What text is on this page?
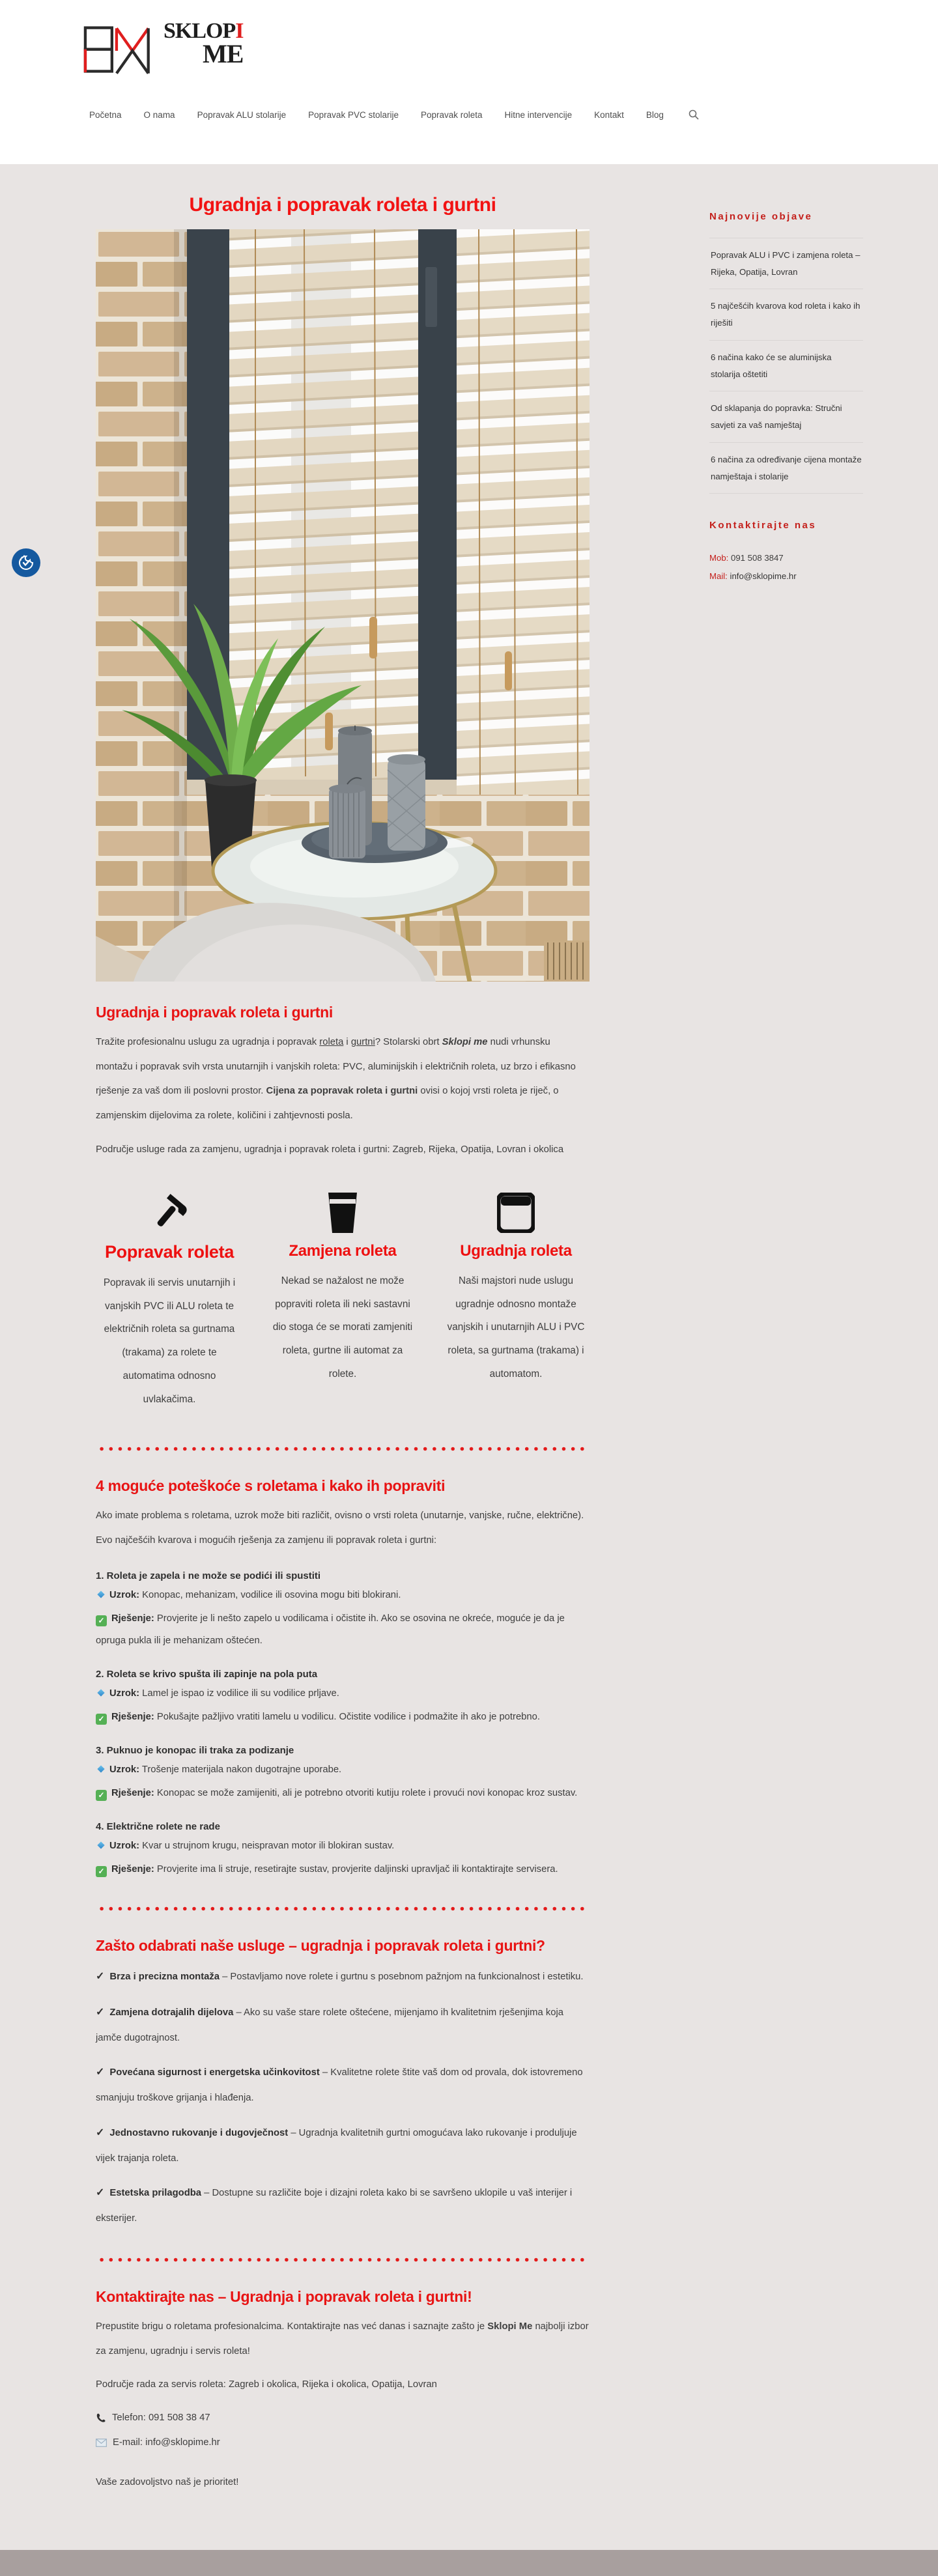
SKLOPI
ME
Početna	O nama	Popravak ALU stolarije	Popravak PVC stolarije	Popravak roleta	Hitne intervencije	Kontakt	Blog
Ugradnja i popravak roleta i gurtni
Ugradnja i popravak roleta i gurtni

Tražite profesionalnu uslugu za ugradnja i popravak roleta i gurtni? Stolarski obrt Sklopi me nudi vrhunsku montažu i popravak svih vrsta unutarnjih i vanjskih roleta: PVC, aluminijskih i električnih roleta, uz brzo i efikasno rješenje za vaš dom ili poslovni prostor. Cijena za popravak roleta i gurtni ovisi o kojoj vrsti roleta je riječ, o zamjenskim dijelovima za rolete, količini i zahtjevnosti posla.

Područje usluge rada za zamjenu, ugradnja i popravak roleta i gurtni: Zagreb, Rijeka, Opatija, Lovran i okolica

Popravak roleta

Popravak ili servis unutarnjih i vanjskih PVC ili ALU roleta te električnih roleta sa gurtnama (trakama) za rolete te automatima odnosno uvlakačima.

Zamjena roleta

Nekad se nažalost ne može popraviti roleta ili neki sastavni dio stoga će se morati zamjeniti roleta, gurtne ili automat za rolete.

Ugradnja roleta

Naši majstori nude uslugu ugradnje odnosno montaže vanjskih i unutarnjih ALU i PVC roleta, sa gurtnama (trakama) i automatom.

4 moguće poteškoće s roletama i kako ih popraviti

Ako imate problema s roletama, uzrok može biti različit, ovisno o vrsti roleta (unutarnje, vanjske, ručne, električne). Evo najčešćih kvarova i mogućih rješenja za zamjenu ili popravak roleta i gurtni:

1. Roleta je zapela i ne može se podići ili spustiti
Uzrok: Konopac, mehanizam, vodilice ili osovina mogu biti blokirani.
✓ Rješenje: Provjerite je li nešto zapelo u vodilicama i očistite ih. Ako se osovina ne okreće, moguće je da je opruga pukla ili je mehanizam oštećen.
2. Roleta se krivo spušta ili zapinje na pola puta
Uzrok: Lamel je ispao iz vodilice ili su vodilice prljave.
✓ Rješenje: Pokušajte pažljivo vratiti lamelu u vodilicu. Očistite vodilice i podmažite ih ako je potrebno.
3. Puknuo je konopac ili traka za podizanje
Uzrok: Trošenje materijala nakon dugotrajne uporabe.
✓ Rješenje: Konopac se može zamijeniti, ali je potrebno otvoriti kutiju rolete i provući novi konopac kroz sustav.
4. Električne rolete ne rade
Uzrok: Kvar u strujnom krugu, neispravan motor ili blokiran sustav.
✓ Rješenje: Provjerite ima li struje, resetirajte sustav, provjerite daljinski upravljač ili kontaktirajte servisera.
Zašto odabrati naše usluge – ugradnja i popravak roleta i gurtni?

✓ Brza i precizna montaža – Postavljamo nove rolete i gurtnu s posebnom pažnjom na funkcionalnost i estetiku.

✓ Zamjena dotrajalih dijelova – Ako su vaše stare rolete oštećene, mijenjamo ih kvalitetnim rješenjima koja jamče dugotrajnost.

✓ Povećana sigurnost i energetska učinkovitost – Kvalitetne rolete štite vaš dom od provala, dok istovremeno smanjuju troškove grijanja i hlađenja.

✓ Jednostavno rukovanje i dugovječnost – Ugradnja kvalitetnih gurtni omogućava lako rukovanje i produljuje vijek trajanja roleta.

✓ Estetska prilagodba – Dostupne su različite boje i dizajni roleta kako bi se savršeno uklopile u vaš interijer i eksterijer.

Kontaktirajte nas – Ugradnja i popravak roleta i gurtni!

Prepustite brigu o roletama profesionalcima. Kontaktirajte nas već danas i saznajte zašto je Sklopi Me najbolji izbor za zamjenu, ugradnju i servis roleta!

Područje rada za servis roleta: Zagreb i okolica, Rijeka i okolica, Opatija, Lovran

Telefon:
091 508 38 47
E-mail:
info@sklopime.hr

Vaše zadovoljstvo naš je prioritet!

Najnovije objave
Popravak ALU i PVC i zamjena roleta – Rijeka, Opatija, Lovran
5 najčešćih kvarova kod roleta i kako ih riješiti
6 načina kako će se aluminijska stolarija oštetiti
Od sklapanja do popravka: Stručni savjeti za vaš namještaj
6 načina za određivanje cijena montaže namještaja i stolarije
Kontaktirajte nas
Mob: 091 508 3847
Mail: info@sklopime.hr
